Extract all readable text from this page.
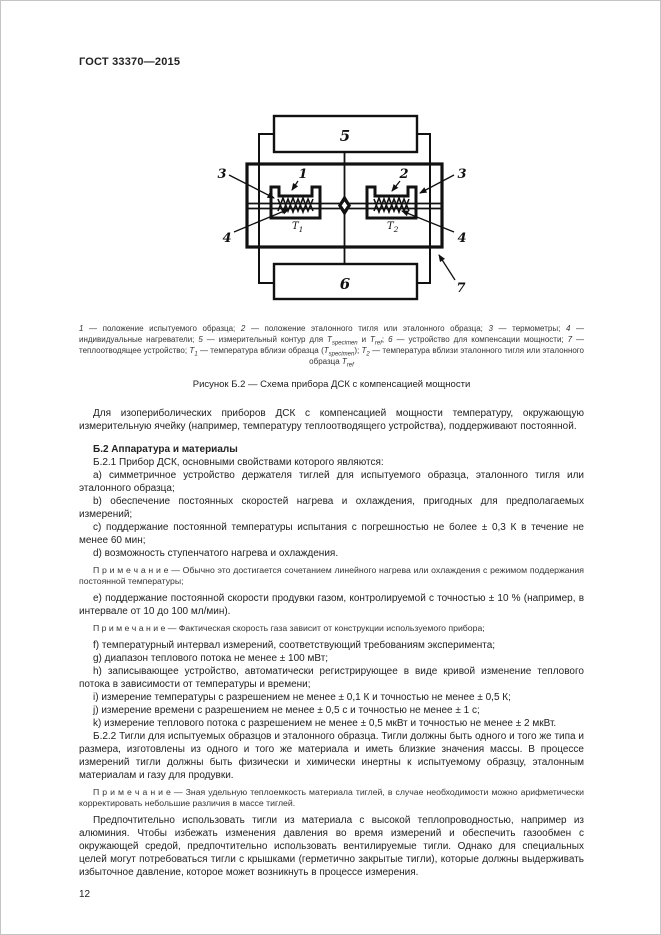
ГОСТ 33370—2015
3	1	2	3
4	4
5
6	7
$T_1$	$T_2$
1 — положение испытуемого образца; 2 — положение эталонного тигля или эталонного образца; 3 — термометры; 4 — индивидуальные нагреватели; 5 — измерительный контур для $T_{specimen}$ и $T_{ref}$; 6 — устройство для компенсации мощности; 7 — теплоотводящее устройство; $T_1$ — температура вблизи образца $(T_{specimen})$; $T_2$ — температура вблизи эталонного тигля или эталонного образца $T_{ref}$
Рисунок Б.2 — Схема прибора ДСК с компенсацией мощности

Для изопериболических приборов ДСК с компенсацией мощности температуру, окружающую измерительную ячейку (например, температуру теплоотводящего устройства), поддерживают постоянной.

Б.2 Аппаратура и материалы

Б.2.1 Прибор ДСК, основными свойствами которого являются:

a) симметричное устройство держателя тиглей для испытуемого образца, эталонного тигля или эталонного образца;

b) обеспечение постоянных скоростей нагрева и охлаждения, пригодных для предполагаемых измерений;

c) поддержание постоянной температуры испытания с погрешностью не более ± 0,3 К в течение не менее 60 мин;

d) возможность ступенчатого нагрева и охлаждения.

П р и м е ч а н и е — Обычно это достигается сочетанием линейного нагрева или охлаждения с режимом поддержания постоянной температуры;

e) поддержание постоянной скорости продувки газом, контролируемой с точностью ± 10 % (например, в интервале от 10 до 100 мл/мин).

П р и м е ч а н и е — Фактическая скорость газа зависит от конструкции используемого прибора;

f) температурный интервал измерений, соответствующий требованиям эксперимента;

g) диапазон теплового потока не менее ± 100 мВт;

h) записывающее устройство, автоматически регистрирующее в виде кривой изменение теплового потока в зависимости от температуры и времени;

i) измерение температуры с разрешением не менее ± 0,1 К и точностью не менее ± 0,5 К;

j) измерение времени с разрешением не менее ± 0,5 с и точностью не менее ± 1 с;

k) измерение теплового потока с разрешением не менее ± 0,5 мкВт и точностью не менее ± 2 мкВт.

Б.2.2 Тигли для испытуемых образцов и эталонного образца. Тигли должны быть одного и того же типа и размера, изготовлены из одного и того же материала и иметь близкие значения массы. В процессе измерений тигли должны быть физически и химически инертны к испытуемому образцу, эталонным материалам и газу для продувки.

П р и м е ч а н и е — Зная удельную теплоемкость материала тиглей, в случае необходимости можно арифметически корректировать небольшие различия в массе тиглей.

Предпочтительно использовать тигли из материала с высокой теплопроводностью, например из алюминия. Чтобы избежать изменения давления во время измерений и обеспечить газообмен с окружающей средой, предпочтительно использовать вентилируемые тигли. Однако для специальных целей могут потребоваться тигли с крышками (герметично закрытые тигли), которые должны выдерживать избыточное давление, которое может возникнуть в процессе измерения.

12
